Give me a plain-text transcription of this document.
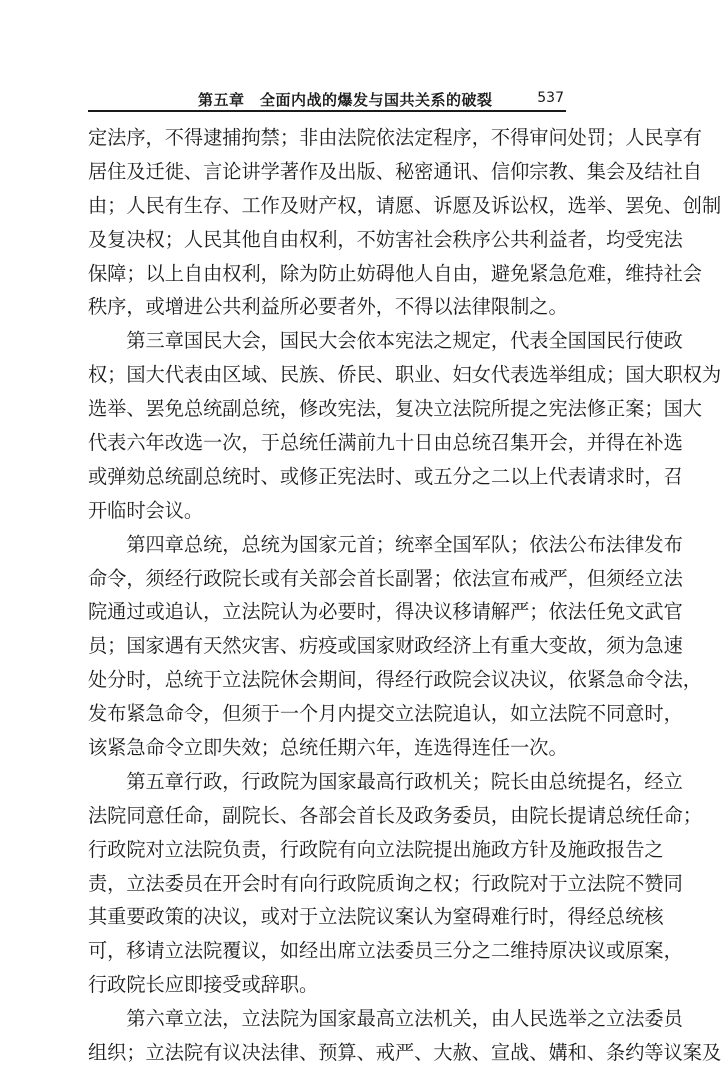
第五章　全面内战的爆发与国共关系的破裂	537
定法序，不得逮捕拘禁；非由法院依法定程序，不得审问处罚；人民享有
居住及迁徙、言论讲学著作及出版、秘密通讯、信仰宗教、集会及结社自
由；人民有生存、工作及财产权，请愿、诉愿及诉讼权，选举、罢免、创制
及复决权；人民其他自由权利，不妨害社会秩序公共利益者，均受宪法
保障；以上自由权利，除为防止妨碍他人自由，避免紧急危难，维持社会
秩序，或增进公共利益所必要者外，不得以法律限制之。
　　第三章国民大会，国民大会依本宪法之规定，代表全国国民行使政
权；国大代表由区域、民族、侨民、职业、妇女代表选举组成；国大职权为
选举、罢免总统副总统，修改宪法，复决立法院所提之宪法修正案；国大
代表六年改选一次，于总统任满前九十日由总统召集开会，并得在补选
或弹劾总统副总统时、或修正宪法时、或五分之二以上代表请求时，召
开临时会议。
　　第四章总统，总统为国家元首；统率全国军队；依法公布法律发布
命令，须经行政院长或有关部会首长副署；依法宣布戒严，但须经立法
院通过或追认，立法院认为必要时，得决议移请解严；依法任免文武官
员；国家遇有天然灾害、疠疫或国家财政经济上有重大变故，须为急速
处分时，总统于立法院休会期间，得经行政院会议决议，依紧急命令法，
发布紧急命令，但须于一个月内提交立法院追认，如立法院不同意时，
该紧急命令立即失效；总统任期六年，连选得连任一次。
　　第五章行政，行政院为国家最高行政机关；院长由总统提名，经立
法院同意任命，副院长、各部会首长及政务委员，由院长提请总统任命；
行政院对立法院负责，行政院有向立法院提出施政方针及施政报告之
责，立法委员在开会时有向行政院质询之权；行政院对于立法院不赞同
其重要政策的决议，或对于立法院议案认为窒碍难行时，得经总统核
可，移请立法院覆议，如经出席立法委员三分之二维持原决议或原案，
行政院长应即接受或辞职。
　　第六章立法，立法院为国家最高立法机关，由人民选举之立法委员
组织；立法院有议决法律、预算、戒严、大赦、宣战、媾和、条约等议案及
